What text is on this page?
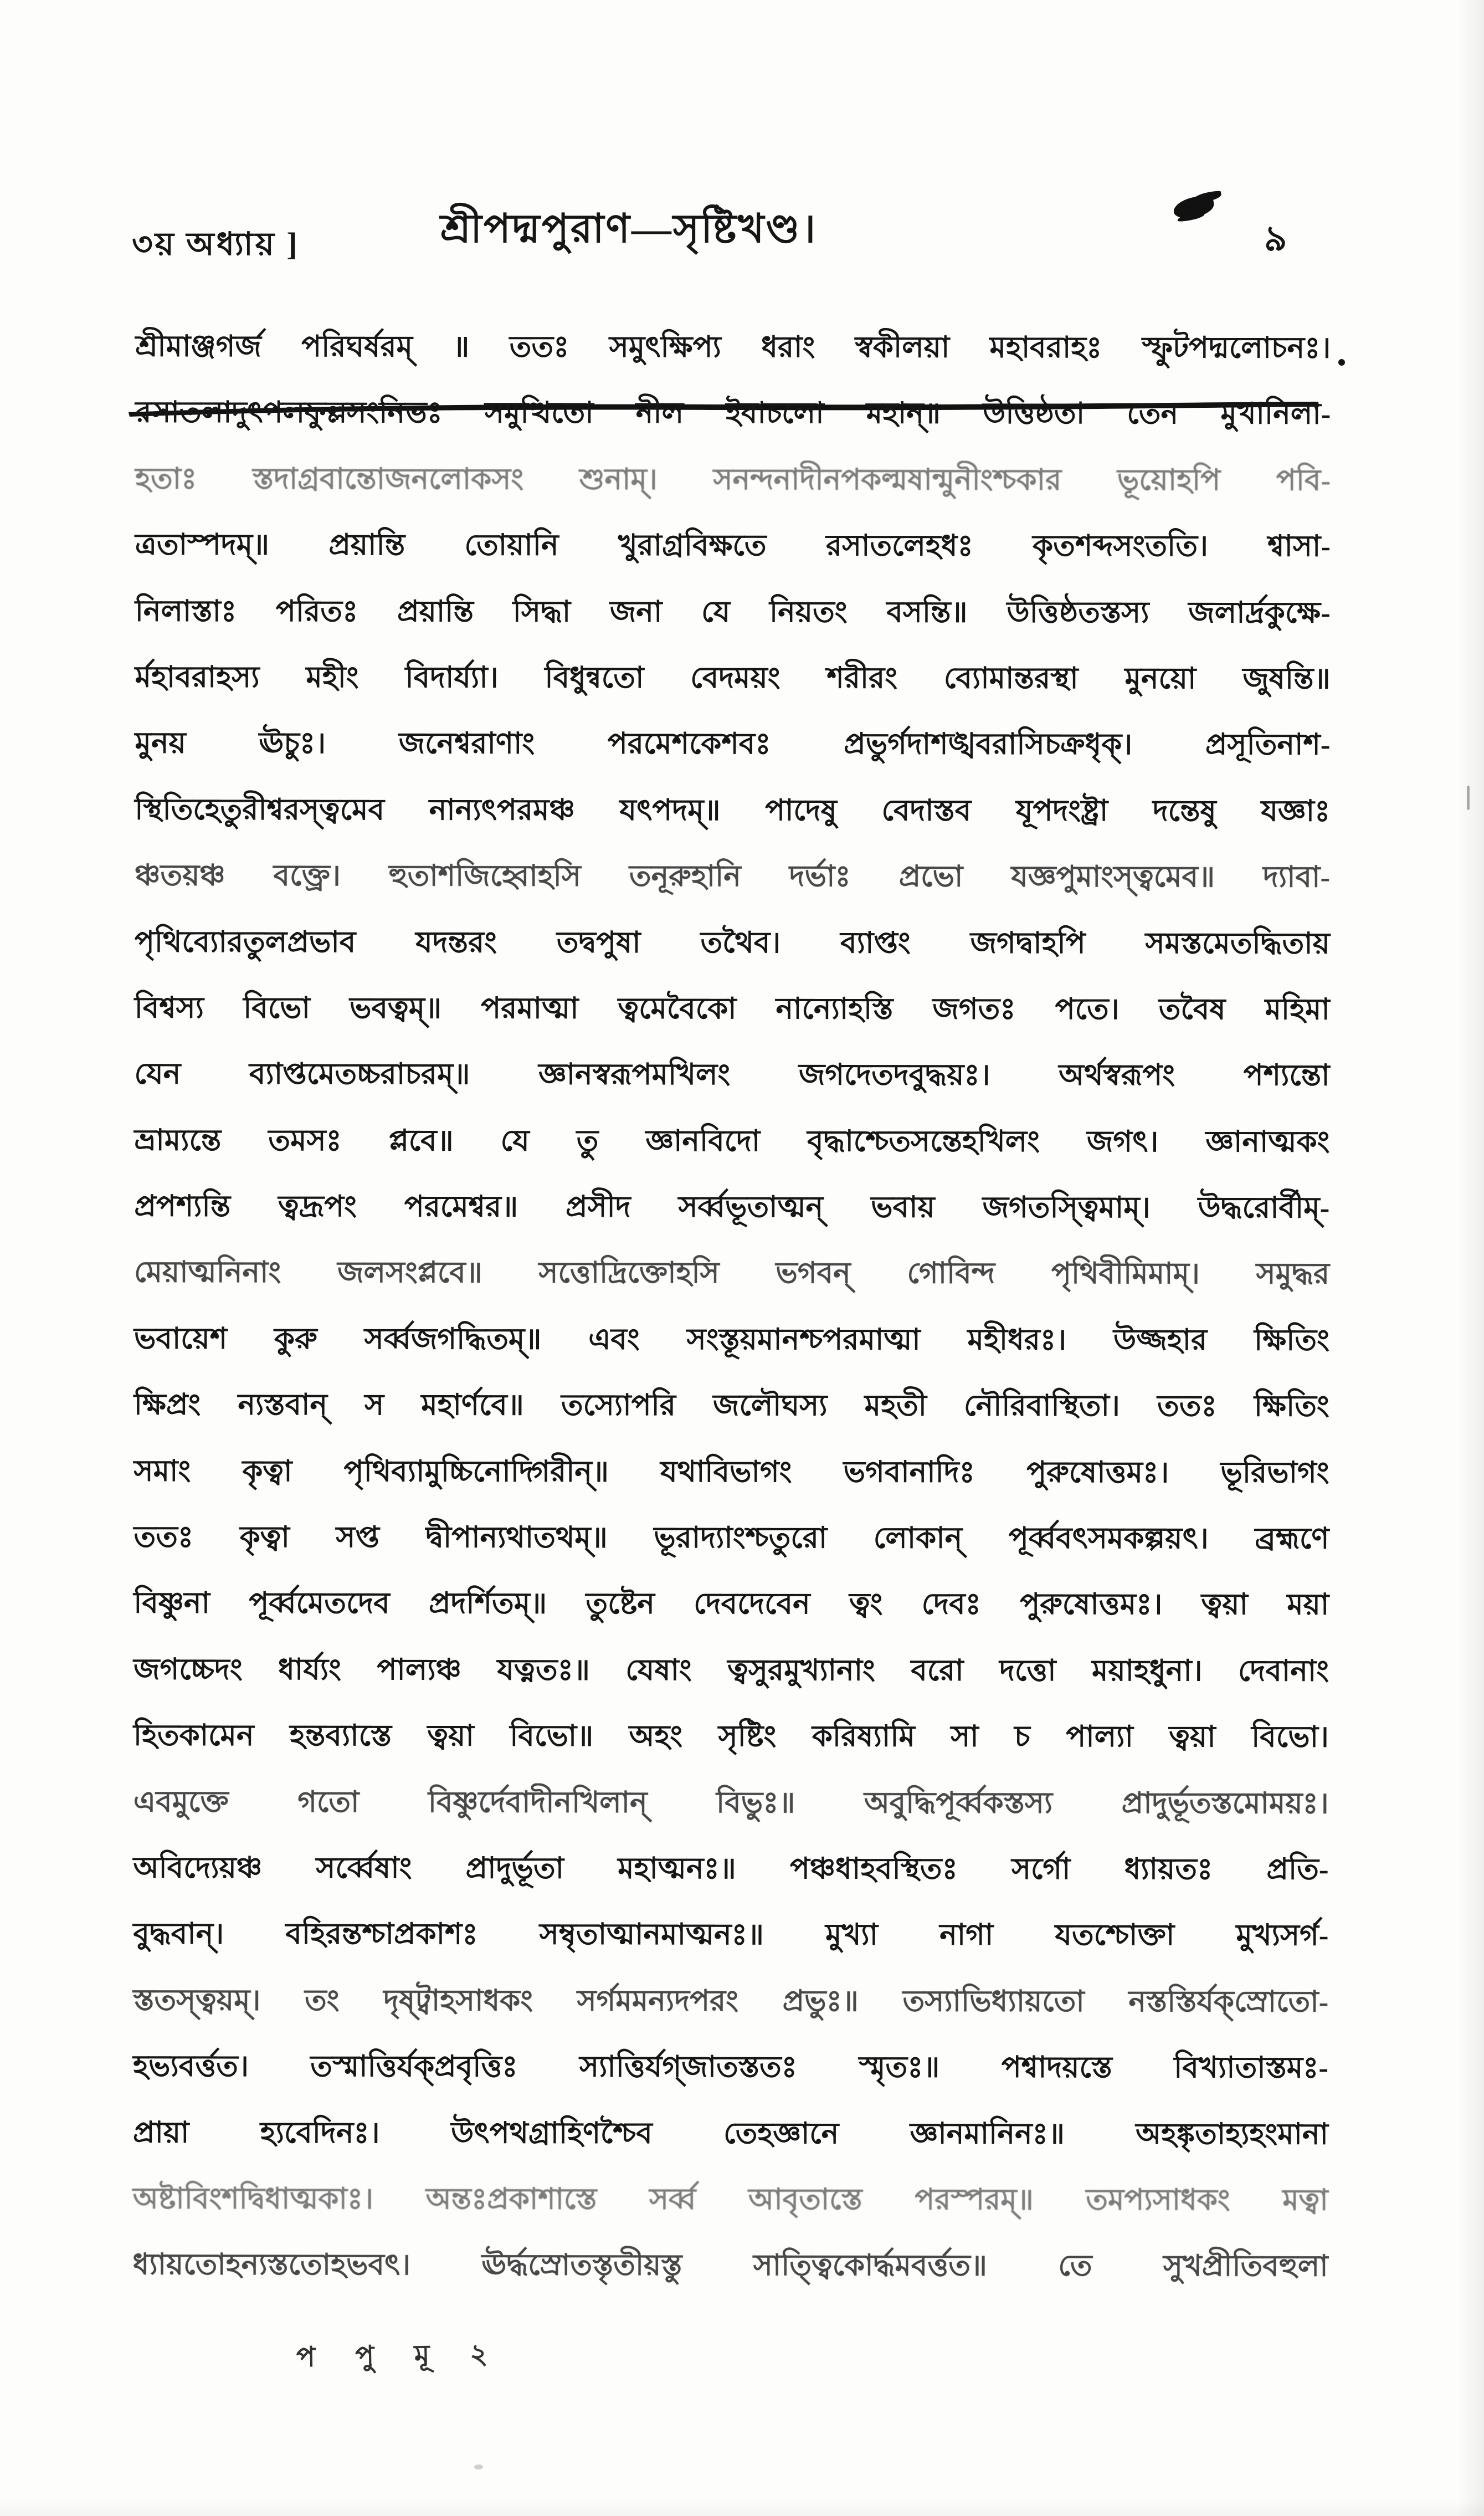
৩য় অধ্যায় ]	শ্রীপদ্মপুরাণ—সৃষ্টিখণ্ড।	৯
শ্রীমাঞ্জগর্জ পরিঘর্ষরম্ ॥ ততঃ সমুৎক্ষিপ্য ধরাং স্বকীলয়া মহাবরাহঃ স্ফুটপদ্মলোচনঃ।
রসাতলাদুৎপলফুল্লসংনিভঃ সমুত্থিতো নীল ইবাচলো মহান্॥ উত্তিষ্ঠতা তেন মুখানিলা-
হতাঃ স্তদাগ্রবান্তোজনলোকসং শুনাম্। সনন্দনাদীনপকল্মষান্মুনীংশ্চকার ভূয়োহপি পবি-
ত্রতাস্পদম্॥ প্রয়ান্তি তোয়ানি খুরাগ্রবিক্ষতে রসাতলেহধঃ কৃতশব্দসংততি। শ্বাসা-
নিলাস্তাঃ পরিতঃ প্রয়ান্তি সিদ্ধা জনা যে নিয়তং বসন্তি॥ উত্তিষ্ঠতস্তস্য জলার্দ্রকুক্ষে-
র্মহাবরাহস্য মহীং বিদার্য্যা। বিধুন্বতো বেদময়ং শরীরং ব্যোমান্তরস্থা মুনয়ো জুষন্তি॥
মুনয় ঊচুঃ। জনেশ্বরাণাং পরমেশকেশবঃ প্রভুর্গদাশঙ্খবরাসিচক্রধৃক্। প্রসূতিনাশ-
স্থিতিহেতুরীশ্বরস্ত্বমেব নান্যৎপরমঞ্চ যৎপদম্॥ পাদেষু বেদাস্তব যূপদংষ্ট্রা দন্তেষু যজ্ঞাঃ
ঞ্চতয়ঞ্চ বক্ত্রে। হুতাশজিহ্বোহসি তনূরুহানি দর্ভাঃ প্রভো যজ্ঞপুমাংস্ত্বমেব॥ দ্যাবা-
পৃথিব্যোরতুলপ্রভাব যদন্তরং তদ্বপুষা তথৈব। ব্যাপ্তং জগদ্বাহপি সমস্তমেতদ্ধিতায়
বিশ্বস্য বিভো ভবত্বম্॥ পরমাত্মা ত্বমেবৈকো নান্যোহস্তি জগতঃ পতে। তবৈষ মহিমা
যেন ব্যাপ্তমেতচ্চরাচরম্॥ জ্ঞানস্বরূপমখিলং জগদেতদবুদ্ধয়ঃ। অর্থস্বরূপং পশ্যন্তো
ভ্রাম্যন্তে তমসঃ প্লবে॥ যে তু জ্ঞানবিদো বৃদ্ধাশ্চেতসন্তেহখিলং জগৎ। জ্ঞানাত্মকং
প্রপশ্যন্তি ত্বদ্রূপং পরমেশ্বর॥ প্রসীদ সর্ব্বভূতাত্মন্ ভবায় জগতস্ত্বিমাম্। উদ্ধরোর্বীম্-
মেয়াত্মনিনাং জলসংপ্লবে॥ সত্তোদ্রিক্তোহসি ভগবন্ গোবিন্দ পৃথিবীমিমাম্। সমুদ্ধর
ভবায়েশ কুরু সর্ব্বজগদ্ধিতম্॥ এবং সংস্তূয়মানশ্চপরমাত্মা মহীধরঃ। উজ্জহার ক্ষিতিং
ক্ষিপ্রং ন্যস্তবান্ স মহার্ণবে॥ তস্যোপরি জলৌঘস্য মহতী নৌরিবাস্থিতা। ততঃ ক্ষিতিং
সমাং কৃত্বা পৃথিব্যামুচ্চিনোদ্গিরীন্॥ যথাবিভাগং ভগবানাদিঃ পুরুষোত্তমঃ। ভূরিভাগং
ততঃ কৃত্বা সপ্ত দ্বীপান্যথাতথম্॥ ভূরাদ্যাংশ্চতুরো লোকান্ পূর্ব্ববৎসমকল্পয়ৎ। ব্রহ্মণে
বিষ্ণুনা পূর্ব্বমেতদেব প্রদর্শিতম্॥ তুষ্টেন দেবদেবেন ত্বং দেবঃ পুরুষোত্তমঃ। ত্বয়া ময়া
জগচ্চেদং ধার্য্যং পাল্যঞ্চ যত্নতঃ॥ যেষাং ত্বসুরমুখ্যানাং বরো দত্তো ময়াহধুনা। দেবানাং
হিতকামেন হন্তব্যাস্তে ত্বয়া বিভো॥ অহং সৃষ্টিং করিষ্যামি সা চ পাল্যা ত্বয়া বিভো।
এবমুক্তে গতো বিষ্ণুর্দেবাদীনখিলান্ বিভুঃ॥ অবুদ্ধিপূর্ব্বকস্তস্য প্রাদুর্ভূতস্তমোময়ঃ।
অবিদ্যেয়ঞ্চ সর্ব্বেষাং প্রাদুর্ভূতা মহাত্মনঃ॥ পঞ্চধাহবস্থিতঃ সর্গো ধ্যায়তঃ প্রতি-
বুদ্ধবান্। বহিরন্তশ্চাপ্রকাশঃ সম্বৃতাত্মানমাত্মনঃ॥ মুখ্যা নাগা যতশ্চোক্তা মুখ্যসর্গ-
স্ততস্ত্বয়ম্। তং দৃষ্ট্বাহসাধকং সর্গমমন্যদপরং প্রভুঃ॥ তস্যাভিধ্যায়তো নস্তস্তির্যক্‌স্রোতো-
হভ্যবর্ত্তত। তস্মাত্তির্যক্‌প্রবৃত্তিঃ স্যাত্তির্যগ্‌জাতস্ততঃ স্মৃতঃ॥ পশ্বাদয়স্তে বিখ্যাতাস্তমঃ-
প্রায়া হ্যবেদিনঃ। উৎপথগ্রাহিণশ্চৈব তেহজ্ঞানে জ্ঞানমানিনঃ॥ অহঙ্কৃতাহ্যহংমানা
অষ্টাবিংশদ্বিধাত্মকাঃ। অন্তঃপ্রকাশাস্তে সর্ব্ব আবৃতাস্তে পরস্পরম্॥ তমপ্যসাধকং মত্বা
ধ্যায়তোহন্যস্ততোহভবৎ। ঊর্দ্ধস্রোতস্তৃতীয়স্তু সাত্ত্বিকোর্দ্ধমবর্ত্তত॥ তে সুখপ্রীতিবহুলা
প পু মূ ২
